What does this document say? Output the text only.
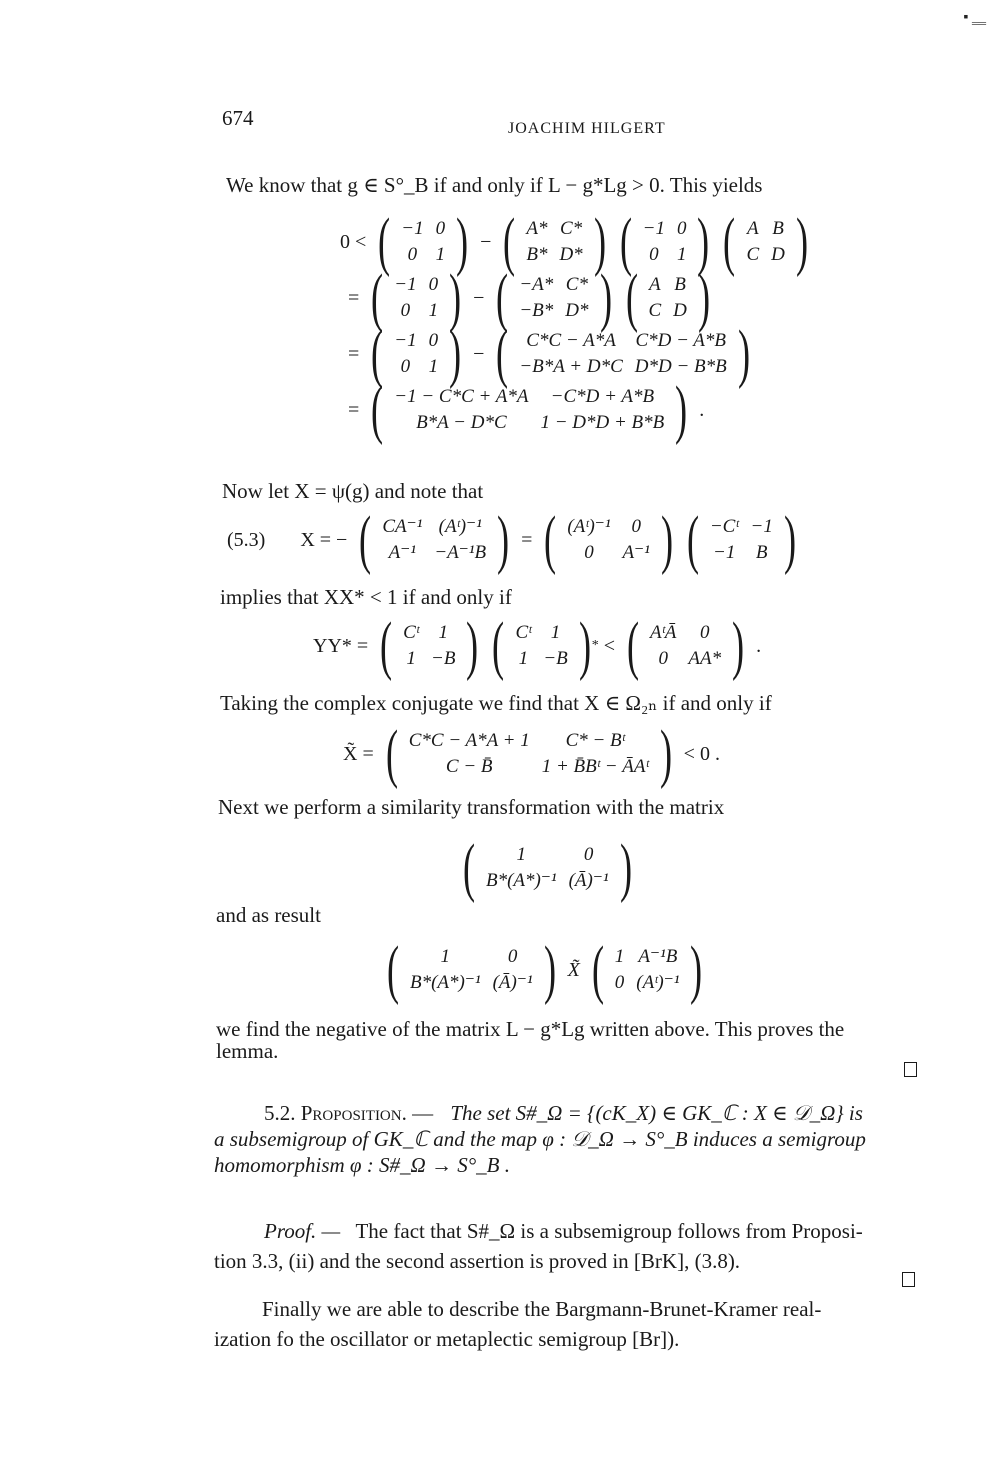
▪ ‗‗
674	JOACHIM HILGERT
We know that g ∈ S°_B if and only if L − g*Lg > 0. This yields
0 < ( −1	0
0	1 ) − ( A*	C*
B*	D* ) ( −1	0
0	1 ) ( A	B
C	D )
= ( −1	0
0	1 ) − ( −A*	C*
−B*	D* ) ( A	B
C	D )
= ( −1	0
0	1 ) − ( C*C − A*A	C*D − A*B
−B*A + D*C	D*D − B*B )
= ( −1 − C*C + A*A	−C*D + A*B
B*A − D*C	1 − D*D + B*B ) .
Now let X = ψ(g) and note that
(5.3) X = − ( CA⁻¹	(Aᵗ)⁻¹
A⁻¹	−A⁻¹B ) = ( (Aᵗ)⁻¹	0
0	A⁻¹ ) ( −Cᵗ	−1
−1	B )
implies that XX* < 1 if and only if
YY* = ( Cᵗ	1
1	−B ) ( Cᵗ	1
1	−B ) * < ( AᵗĀ	0
0	AA* ) .
Taking the complex conjugate we find that X ∈ Ω₂ₙ if and only if
X̃ = ( C*C − A*A + 1	C* − Bᵗ
C − B̄	1 + B̄Bᵗ − ĀAᵗ ) < 0 .
Next we perform a similarity transformation with the matrix
( 1	0
B*(A*)⁻¹	(Ā)⁻¹ )
and as result
( 1	0
B*(A*)⁻¹	(Ā)⁻¹ ) X̃ ( 1	A⁻¹B
0	(Aᵗ)⁻¹ )
we find the negative of the matrix L − g*Lg written above. This proves the
lemma.
5.2. Proposition. — The set S#_Ω = {(cK_X) ∈ GK_ℂ : X ∈ 𝒟_Ω} is
a subsemigroup of GK_ℂ and the map φ : 𝒟_Ω → S°_B induces a semigroup
homomorphism φ : S#_Ω → S°_B .
Proof. — The fact that S#_Ω is a subsemigroup follows from Proposi-
tion 3.3, (ii) and the second assertion is proved in [BrK], (3.8).
Finally we are able to describe the Bargmann-Brunet-Kramer real-
ization fo the oscillator or metaplectic semigroup [Br]).
